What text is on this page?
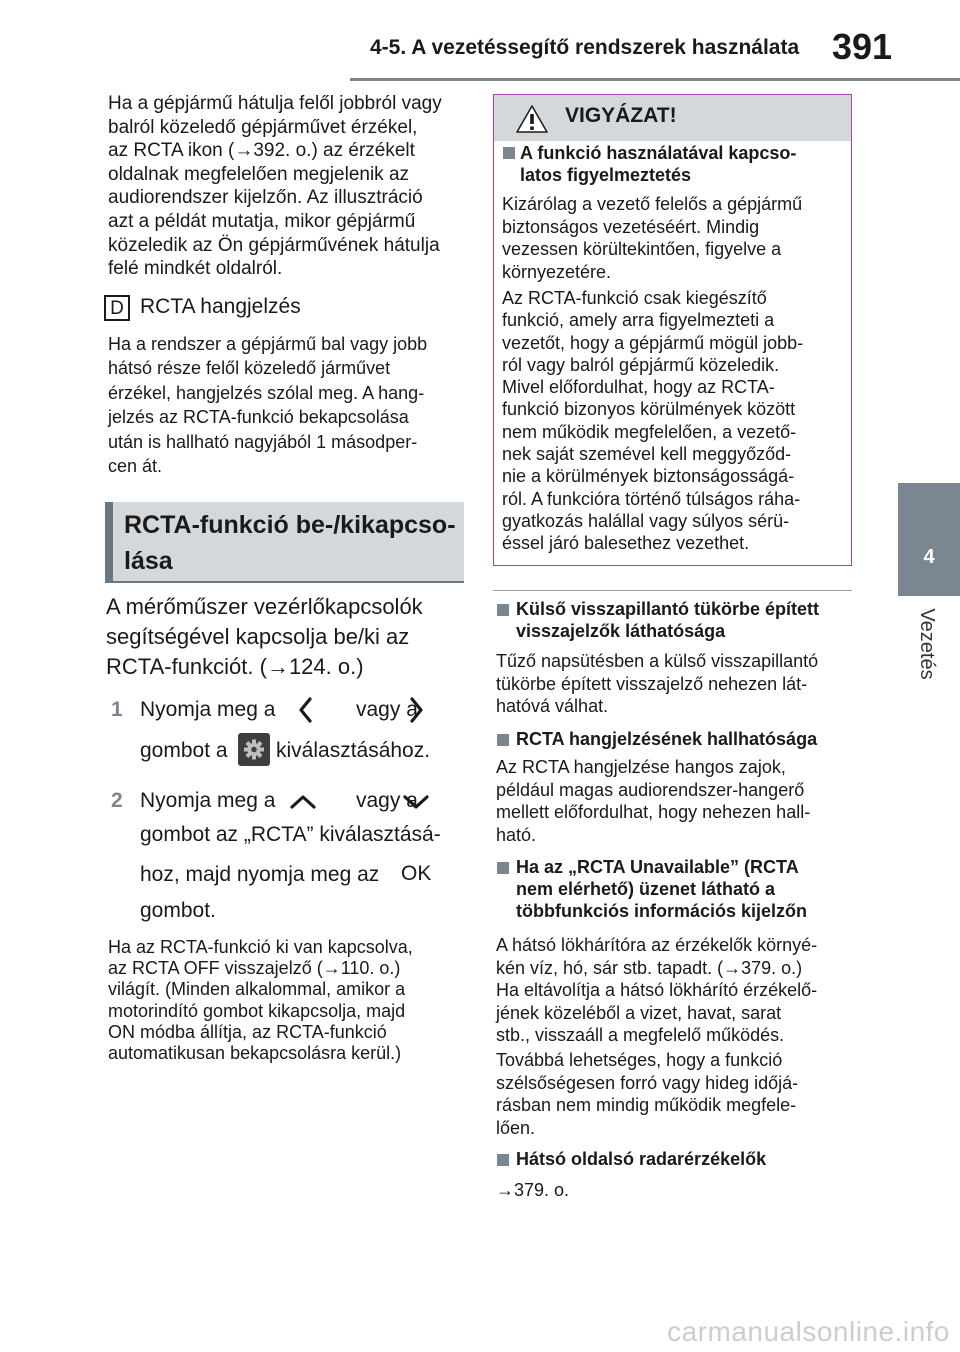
4-5. A vezetéssegítő rendszerek használata 391
4
Vezetés
Ha a gépjármű hátulja felől jobbról vagy
balról közeledő gépjárművet érzékel,
az RCTA ikon (→392. o.) az érzékelt
oldalnak megfelelően megjelenik az
audiorendszer kijelzőn. Az illusztráció
azt a példát mutatja, mikor gépjármű
közeledik az Ön gépjárművének hátulja
felé mindkét oldalról.
D RCTA hangjelzés
Ha a rendszer a gépjármű bal vagy jobb
hátsó része felől közeledő járművet
érzékel, hangjelzés szólal meg. A hang-
jelzés az RCTA-funkció bekapcsolása
után is hallható nagyjából 1 másodper-
cen át.
RCTA-funkció be-/kikapcso-
lása
A mérőműszer vezérlőkapcsolók
segítségével kapcsolja be/ki az
RCTA-funkciót. (→124. o.)
1 Nyomja meg a	vagy a
gombot a kiválasztásához.
2 Nyomja meg a	vagy a
gombot az „RCTA” kiválasztásá-
hoz, majd nyomja meg az OK
gombot.
Ha az RCTA-funkció ki van kapcsolva,
az RCTA OFF visszajelző (→110. o.)
világít. (Minden alkalommal, amikor a
motorindító gombot kikapcsolja, majd
ON módba állítja, az RCTA-funkció
automatikusan bekapcsolásra kerül.)
VIGYÁZAT!
A funkció használatával kapcso-
latos figyelmeztetés
Kizárólag a vezető felelős a gépjármű
biztonságos vezetéséért. Mindig
vezessen körültekintően, figyelve a
környezetére.
Az RCTA-funkció csak kiegészítő
funkció, amely arra figyelmezteti a
vezetőt, hogy a gépjármű mögül jobb-
ról vagy balról gépjármű közeledik.
Mivel előfordulhat, hogy az RCTA-
funkció bizonyos körülmények között
nem működik megfelelően, a vezető-
nek saját szemével kell meggyőződ-
nie a körülmények biztonságosságá-
ról. A funkcióra történő túlságos ráha-
gyatkozás halállal vagy súlyos sérü-
éssel járó balesethez vezethet.
Külső visszapillantó tükörbe épített
visszajelzők láthatósága
Tűző napsütésben a külső visszapillantó
tükörbe épített visszajelző nehezen lát-
hatóvá válhat.
RCTA hangjelzésének hallhatósága
Az RCTA hangjelzése hangos zajok,
például magas audiorendszer-hangerő
mellett előfordulhat, hogy nehezen hall-
ható.
Ha az „RCTA Unavailable” (RCTA
nem elérhető) üzenet látható a
többfunkciós információs kijelzőn
A hátsó lökhárítóra az érzékelők környé-
kén víz, hó, sár stb. tapadt. (→379. o.)
Ha eltávolítja a hátsó lökhárító érzékelő-
jének közeléből a vizet, havat, sarat
stb., visszaáll a megfelelő működés.
Továbbá lehetséges, hogy a funkció
szélsőségesen forró vagy hideg időjá-
rásban nem mindig működik megfele-
lően.
Hátsó oldalsó radarérzékelők
→379. o.
carmanualsonline.info
